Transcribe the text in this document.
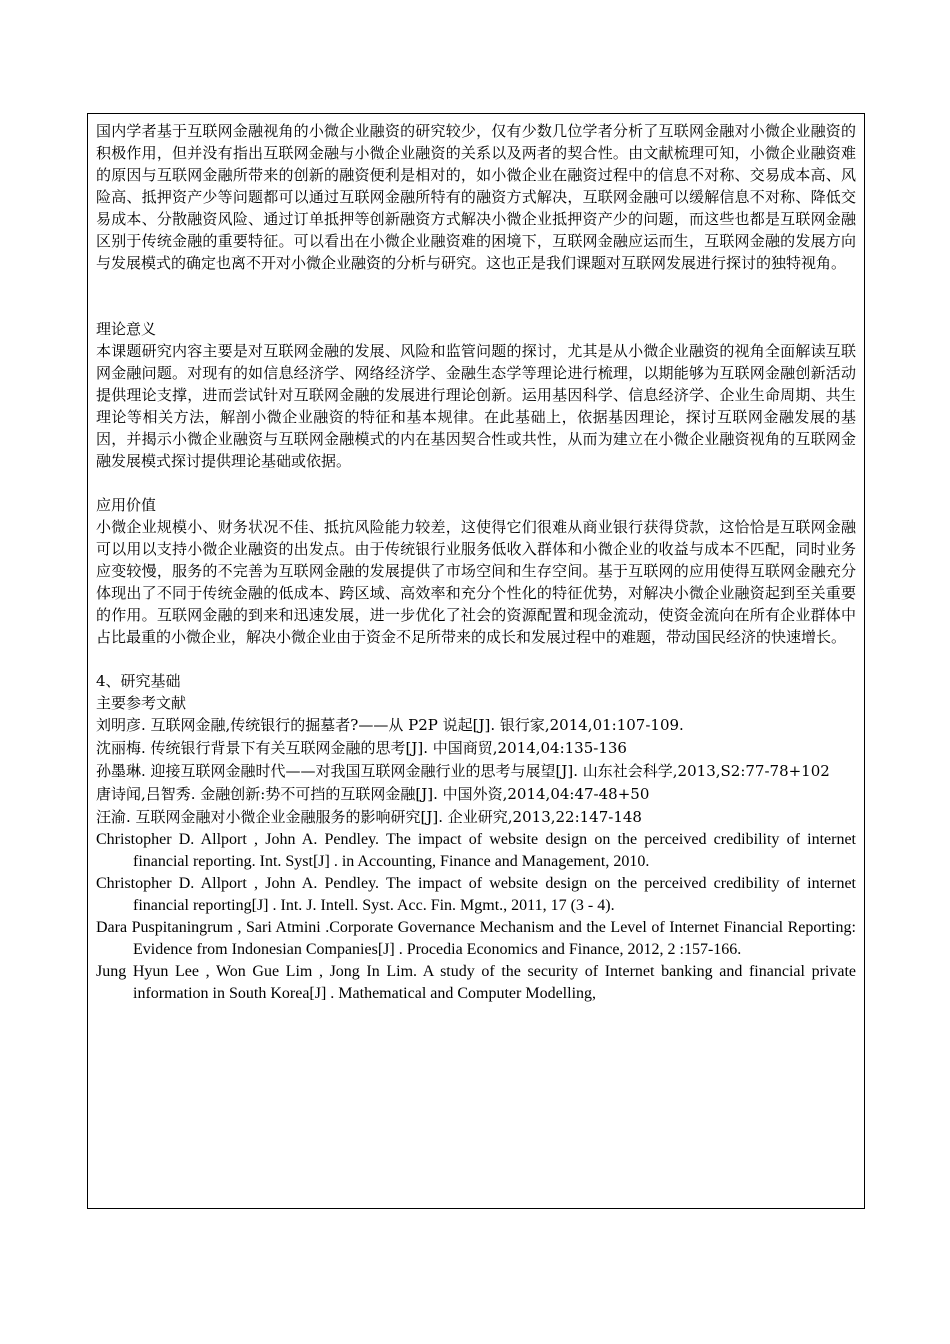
国内学者基于互联网金融视角的小微企业融资的研究较少，仅有少数几位学者分析了互联网金融对小微企业融资的积极作用，但并没有指出互联网金融与小微企业融资的关系以及两者的契合性。由文献梳理可知，小微企业融资难的原因与互联网金融所带来的创新的融资便利是相对的，如小微企业在融资过程中的信息不对称、交易成本高、风险高、抵押资产少等问题都可以通过互联网金融所特有的融资方式解决，互联网金融可以缓解信息不对称、降低交易成本、分散融资风险、通过订单抵押等创新融资方式解决小微企业抵押资产少的问题，而这些也都是互联网金融区别于传统金融的重要特征。可以看出在小微企业融资难的困境下，互联网金融应运而生，互联网金融的发展方向与发展模式的确定也离不开对小微企业融资的分析与研究。这也正是我们课题对互联网发展进行探讨的独特视角。

理论意义

本课题研究内容主要是对互联网金融的发展、风险和监管问题的探讨，尤其是从小微企业融资的视角全面解读互联网金融问题。对现有的如信息经济学、网络经济学、金融生态学等理论进行梳理，以期能够为互联网金融创新活动提供理论支撑，进而尝试针对互联网金融的发展进行理论创新。运用基因科学、信息经济学、企业生命周期、共生理论等相关方法，解剖小微企业融资的特征和基本规律。在此基础上，依据基因理论，探讨互联网金融发展的基因，并揭示小微企业融资与互联网金融模式的内在基因契合性或共性，从而为建立在小微企业融资视角的互联网金融发展模式探讨提供理论基础或依据。

应用价值

小微企业规模小、财务状况不佳、抵抗风险能力较差，这使得它们很难从商业银行获得贷款，这恰恰是互联网金融可以用以支持小微企业融资的出发点。由于传统银行业服务低收入群体和小微企业的收益与成本不匹配，同时业务应变较慢，服务的不完善为互联网金融的发展提供了市场空间和生存空间。基于互联网的应用使得互联网金融充分体现出了不同于传统金融的低成本、跨区域、高效率和充分个性化的特征优势，对解决小微企业融资起到至关重要的作用。互联网金融的到来和迅速发展，进一步优化了社会的资源配置和现金流动，使资金流向在所有企业群体中占比最重的小微企业，解决小微企业由于资金不足所带来的成长和发展过程中的难题，带动国民经济的快速增长。

4、研究基础

主要参考文献

刘明彦. 互联网金融,传统银行的掘墓者?——从 P2P 说起[J]. 银行家,2014,01:107-109.

沈丽梅. 传统银行背景下有关互联网金融的思考[J]. 中国商贸,2014,04:135-136

孙墨琳. 迎接互联网金融时代——对我国互联网金融行业的思考与展望[J]. 山东社会科学,2013,S2:77-78+102

唐诗闻,吕智秀. 金融创新:势不可挡的互联网金融[J]. 中国外资,2014,04:47-48+50

汪渝. 互联网金融对小微企业金融服务的影响研究[J]. 企业研究,2013,22:147-148

Christopher D. Allport , John A. Pendley. The impact of website design on the perceived credibility of internet financial reporting. Int. Syst[J] . in Accounting, Finance and Management, 2010.

Christopher D. Allport , John A. Pendley. The impact of website design on the perceived credibility of internet financial reporting[J] . Int. J. Intell. Syst. Acc. Fin. Mgmt., 2011, 17 (3 ‑ 4).

Dara Puspitaningrum , Sari Atmini .Corporate Governance Mechanism and the Level of Internet Financial Reporting: Evidence from Indonesian Companies[J] . Procedia Economics and Finance, 2012, 2 :157-166.

Jung Hyun Lee , Won Gue Lim , Jong In Lim. A study of the security of Internet banking and financial private information in South Korea[J] . Mathematical and Computer Modelling,
